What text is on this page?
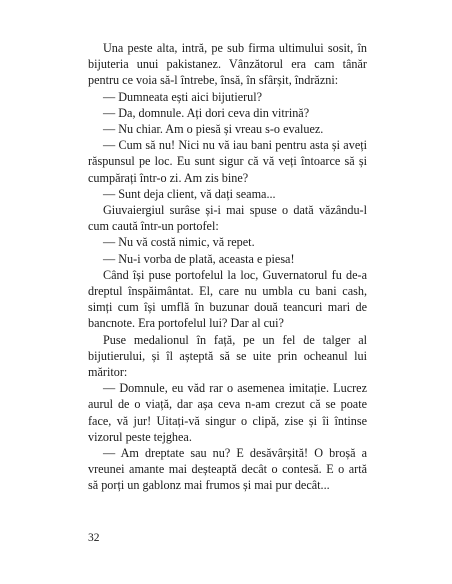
Una peste alta, intră, pe sub firma ultimului sosit, în bijuteria unui pakistanez. Vânzătorul era cam tânăr pentru ce voia să-l întrebe, însă, în sfârșit, îndrăzni:

— Dumneata ești aici bijutierul?

— Da, domnule. Ați dori ceva din vitrină?

— Nu chiar. Am o piesă și vreau s-o evaluez.

— Cum să nu! Nici nu vă iau bani pentru asta și aveți răspunsul pe loc. Eu sunt sigur că vă veți întoarce să și cumpărați într-o zi. Am zis bine?

— Sunt deja client, vă dați seama...

Giuvaiergiul surâse și-i mai spuse o dată văzându-l cum caută într-un portofel:

— Nu vă costă nimic, vă repet.

— Nu-i vorba de plată, aceasta e piesa!

Când își puse portofelul la loc, Guvernatorul fu de-a dreptul înspăimântat. El, care nu umbla cu bani cash, simți cum își umflă în buzunar două teancuri mari de bancnote. Era portofelul lui? Dar al cui?

Puse medalionul în față, pe un fel de talger al bijutierului, și îl așteptă să se uite prin ocheanul lui măritor:

— Domnule, eu văd rar o asemenea imitație. Lucrez aurul de o viață, dar așa ceva n-am crezut că se poate face, vă jur! Uitați-vă singur o clipă, zise și îi întinse vizorul peste tejghea.

— Am dreptate sau nu? E desăvârșită! O broșă a vreunei amante mai deșteaptă decât o contesă. E o artă să porți un gablonz mai frumos și mai pur decât...

32
